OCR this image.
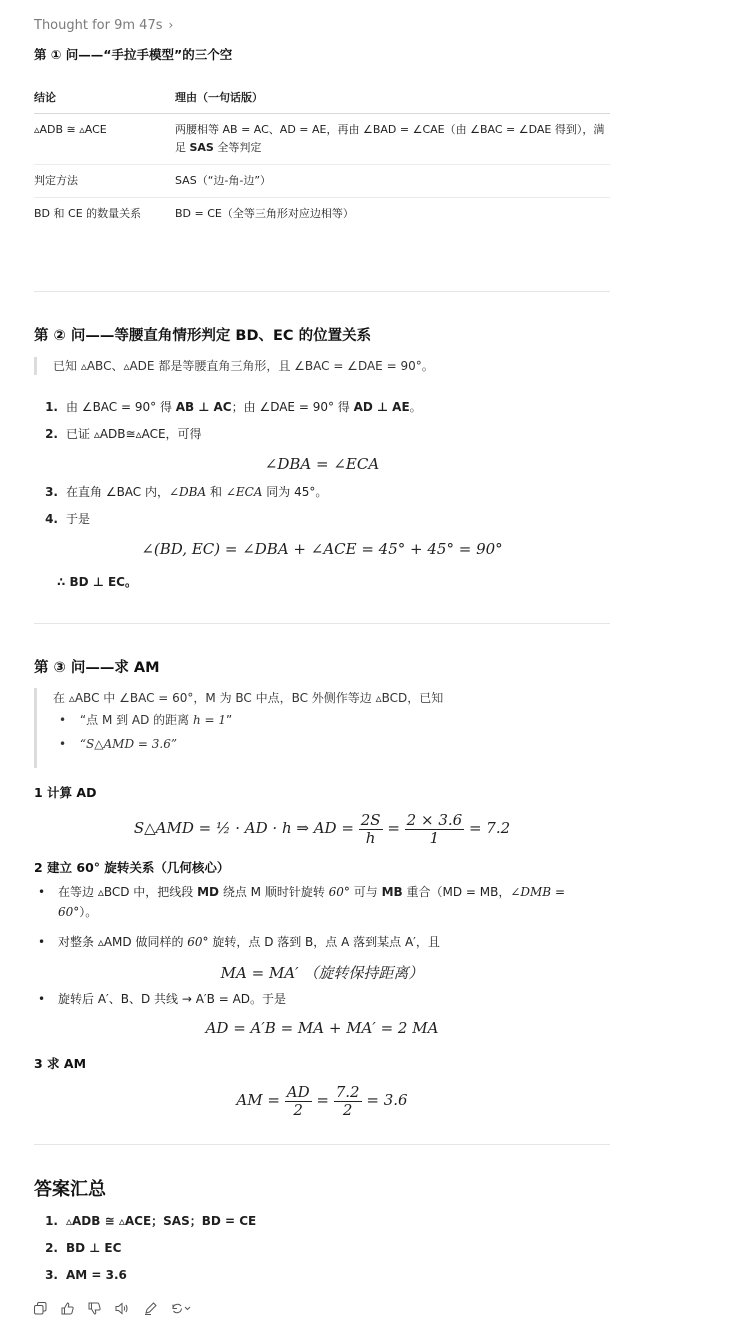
Thought for 9m 47s ›
第 ① 问——“手拉手模型”的三个空
结论	理由（一句话版）
▵ADB ≅ ▵ACE	两腰相等 AB = AC、AD = AE，再由 ∠BAD = ∠CAE（由 ∠BAC = ∠DAE 得到），满足 SAS 全等判定
判定方法	SAS（“边-角-边”）
BD 和 CE 的数量关系	BD = CE（全等三角形对应边相等）
第 ② 问——等腰直角情形判定 BD、EC 的位置关系
已知 ▵ABC、▵ADE 都是等腰直角三角形，且 ∠BAC = ∠DAE = 90°。
1. 由 ∠BAC = 90° 得 AB ⊥ AC；由 ∠DAE = 90° 得 AD ⊥ AE。
2. 已证 ▵ADB≅▵ACE，可得
∠DBA = ∠ECA
3. 在直角 ∠BAC 内，∠DBA 和 ∠ECA 同为 45°。
4. 于是
∠(BD, EC) = ∠DBA + ∠ACE = 45° + 45° = 90°
∴ BD ⊥ EC。
第 ③ 问——求 AM
在 ▵ABC 中 ∠BAC = 60°，M 为 BC 中点，BC 外侧作等边 ▵BCD，已知
• “点 M 到 AD 的距离 h = 1”
• “S△AMD = 3.6”
1 计算 AD
S△AMD = ½ · AD · h ⇒ AD = $\frac{2S}{h} = \frac{2 \times 3.6}{1} = 7.2$
2 建立 60° 旋转关系（几何核心）
• 在等边 ▵BCD 中，把线段 MD 绕点 M 顺时针旋转 60° 可与 MB 重合（MD = MB，∠DMB = 60°）。
• 对整条 ▵AMD 做同样的 60° 旋转，点 D 落到 B，点 A 落到某点 A′，且
MA = MA′ （旋转保持距离）
• 旋转后 A′、B、D 共线 → A′B = AD。于是
AD = A′B = MA + MA′ = 2 MA
3 求 AM
AM = $\frac{AD}{2} = \frac{7.2}{2} = 3.6$
答案汇总
1. ▵ADB ≅ ▵ACE；SAS；BD = CE
2. BD ⊥ EC
3. AM = 3.6
